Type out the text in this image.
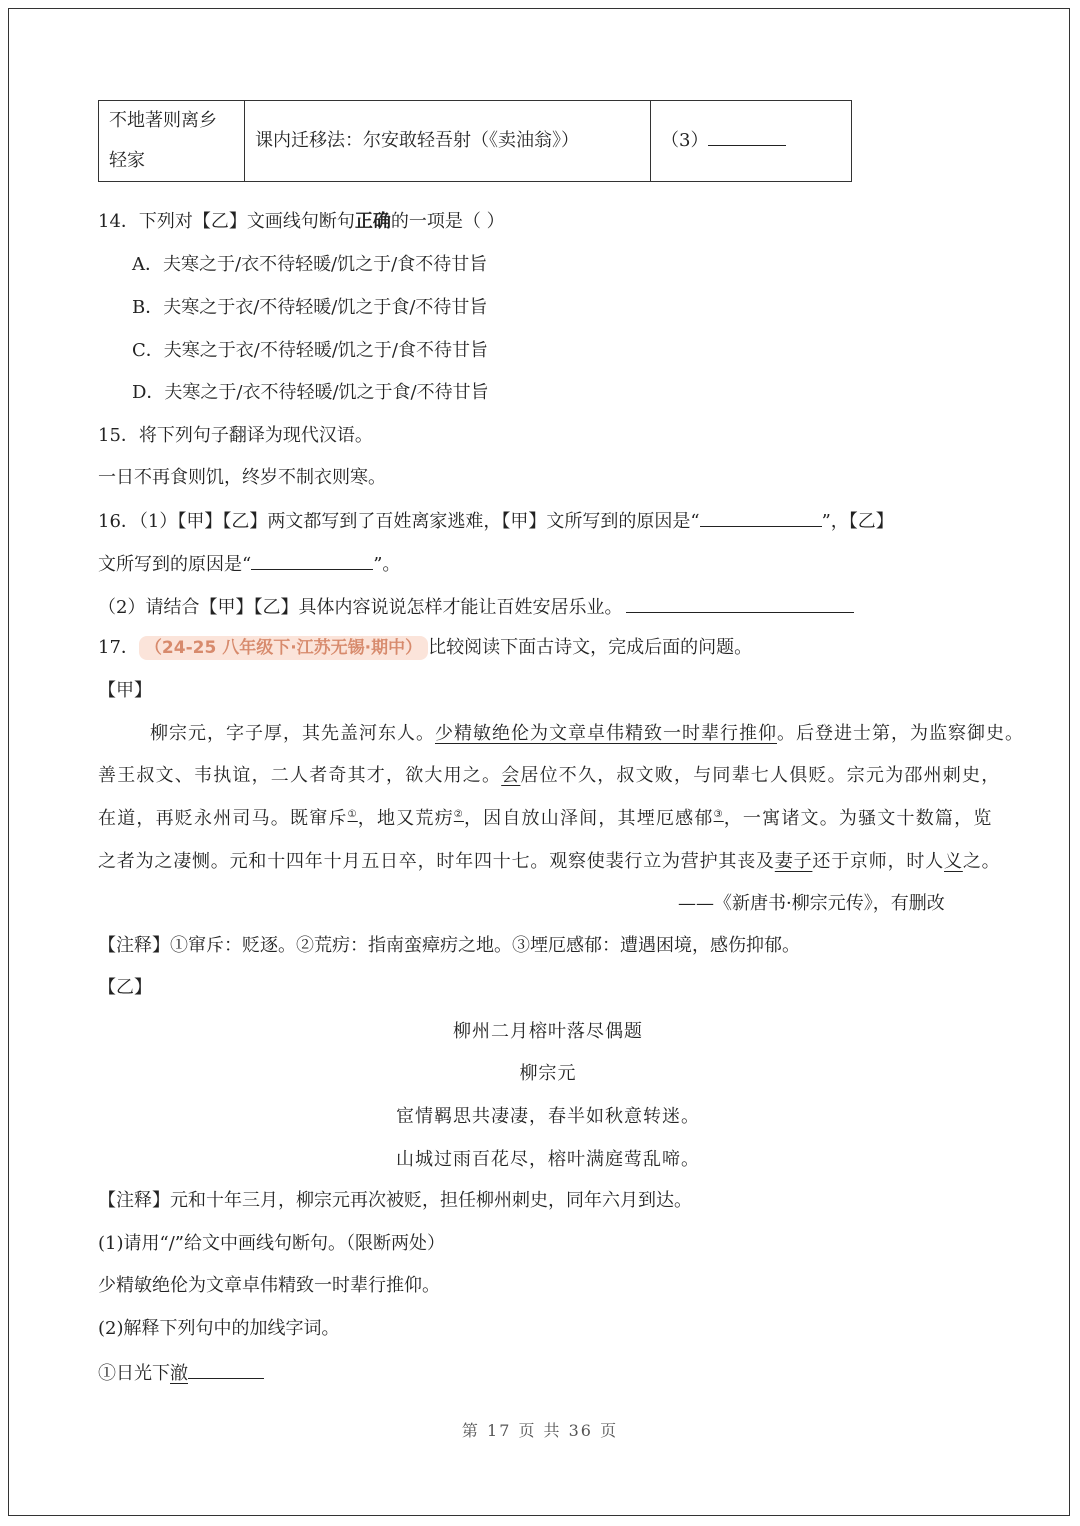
不地著则离乡
轻家
	课内迁移法：尔安敢轻吾射（《卖油翁》）	（3）
14．下列对【乙】文画线句断句正确的一项是（ ）
A．夫寒之于/衣不待轻暖/饥之于/食不待甘旨
B．夫寒之于衣/不待轻暖/饥之于食/不待甘旨
C．夫寒之于衣/不待轻暖/饥之于/食不待甘旨
D．夫寒之于/衣不待轻暖/饥之于食/不待甘旨
15．将下列句子翻译为现代汉语。
一日不再食则饥，终岁不制衣则寒。
16．（1）【甲】【乙】两文都写到了百姓离家逃难，【甲】文所写到的原因是“	”，【乙】
文所写到的原因是“	”。
（2）请结合【甲】【乙】具体内容说说怎样才能让百姓安居乐业。
17． （24-25 八年级下·江苏无锡·期中） 比较阅读下面古诗文，完成后面的问题。
【甲】
柳宗元，字子厚，其先盖河东人。少精敏绝伦为文章卓伟精致一时辈行推仰。后登进士第，为监察御史。
善王叔文、韦执谊，二人者奇其才，欲大用之。会居位不久，叔文败，与同辈七人俱贬。宗元为邵州刺史，
在道，再贬永州司马。既窜斥①，地又荒疠②，因自放山泽间，其堙厄感郁③，一寓诸文。为骚文十数篇，览
之者为之凄恻。元和十四年十月五日卒，时年四十七。观察使裴行立为营护其丧及妻子还于京师，时人义之。
——《新唐书·柳宗元传》，有删改
【注释】①窜斥：贬逐。②荒疠：指南蛮瘴疠之地。③堙厄感郁：遭遇困境，感伤抑郁。
【乙】
柳州二月榕叶落尽偶题
柳宗元
宦情羁思共凄凄，春半如秋意转迷。
山城过雨百花尽，榕叶满庭莺乱啼。
【注释】元和十年三月，柳宗元再次被贬，担任柳州刺史，同年六月到达。
(1)请用“/”给文中画线句断句。（限断两处）
少精敏绝伦为文章卓伟精致一时辈行推仰。
(2)解释下列句中的加线字词。
①日光下澈
第 17 页 共 36 页
